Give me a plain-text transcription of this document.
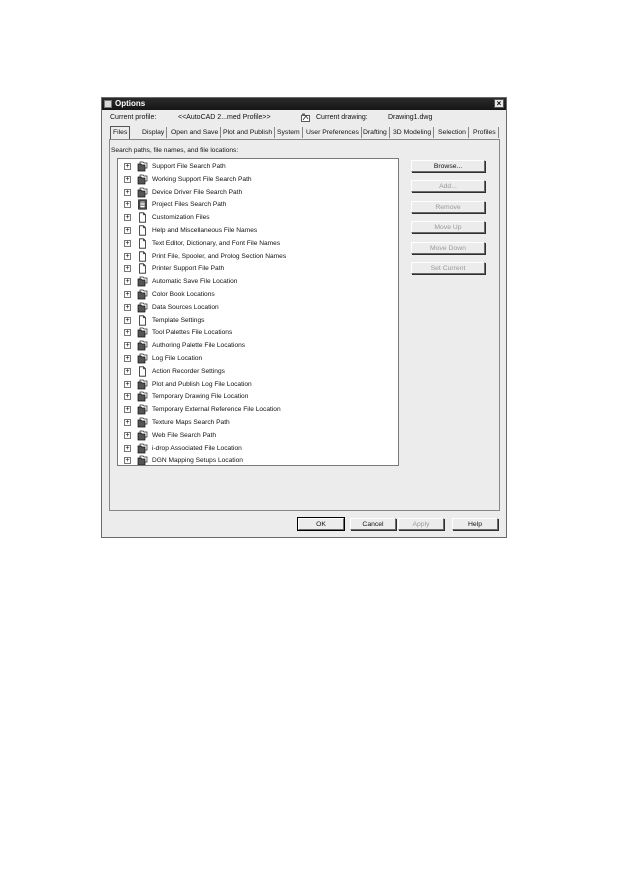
Options	×
Current profile:	<<AutoCAD 2...med Profile>>	Current drawing:	Drawing1.dwg
Files	Display Open and Save Plot and Publish System User Preferences Drafting 3D Modeling	Selection	Profiles
Search paths, file names, and file locations:
+	Support File Search Path
+	Working Support File Search Path
+	Device Driver File Search Path
+	Project Files Search Path
+	Customization Files
+	Help and Miscellaneous File Names
+	Text Editor, Dictionary, and Font File Names
+	Print File, Spooler, and Prolog Section Names
+	Printer Support File Path
+	Automatic Save File Location
+	Color Book Locations
+	Data Sources Location
+	Template Settings
+	Tool Palettes File Locations
+	Authoring Palette File Locations
+	Log File Location
+	Action Recorder Settings
+	Plot and Publish Log File Location
+	Temporary Drawing File Location
+	Temporary External Reference File Location
+	Texture Maps Search Path
+	Web File Search Path
+	i-drop Associated File Location
+	DGN Mapping Setups Location
Browse...
Add...
Remove
Move Up
Move Down
Set Current
OK	Cancel	Apply	Help
